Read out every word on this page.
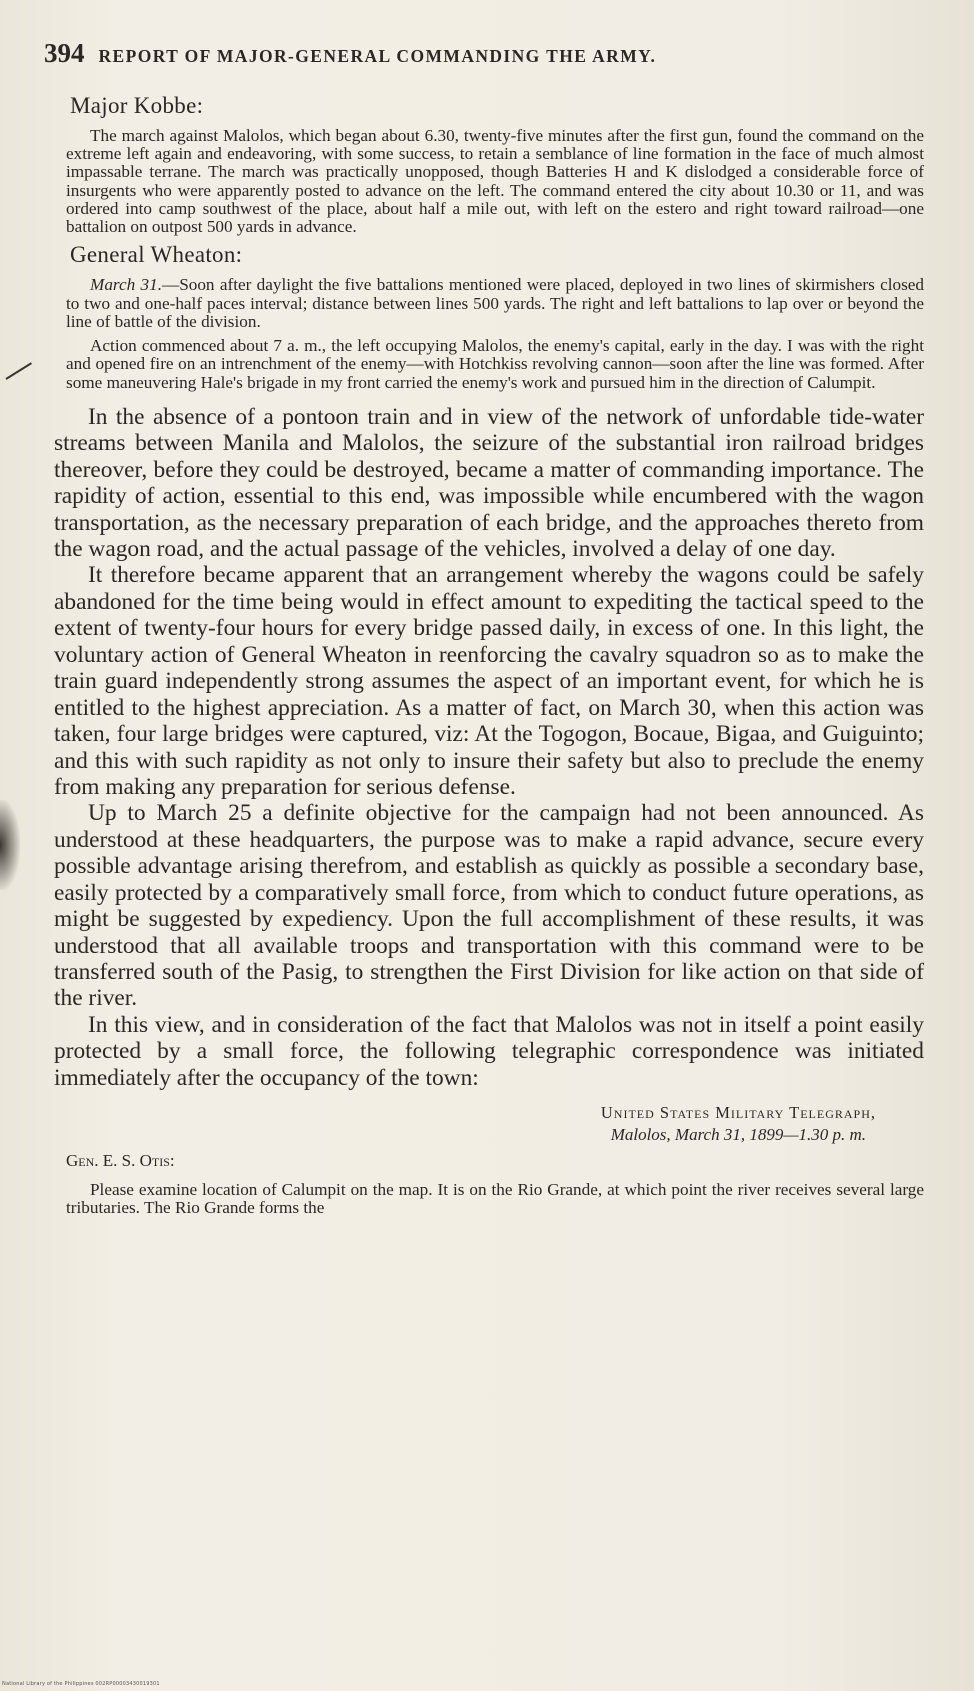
394 REPORT OF MAJOR-GENERAL COMMANDING THE ARMY.
Major Kobbe:

The march against Malolos, which began about 6.30, twenty-five minutes after the first gun, found the command on the extreme left again and endeavoring, with some success, to retain a semblance of line formation in the face of much almost impassable terrane. The march was practically unopposed, though Batteries H and K dislodged a considerable force of insurgents who were apparently posted to advance on the left. The command entered the city about 10.30 or 11, and was ordered into camp southwest of the place, about half a mile out, with left on the estero and right toward railroad—one battalion on outpost 500 yards in advance.

General Wheaton:

March 31.—Soon after daylight the five battalions mentioned were placed, deployed in two lines of skirmishers closed to two and one-half paces interval; distance between lines 500 yards. The right and left battalions to lap over or beyond the line of battle of the division.

Action commenced about 7 a. m., the left occupying Malolos, the enemy's capital, early in the day. I was with the right and opened fire on an intrenchment of the enemy—with Hotchkiss revolving cannon—soon after the line was formed. After some maneuvering Hale's brigade in my front carried the enemy's work and pursued him in the direction of Calumpit.

In the absence of a pontoon train and in view of the network of unfordable tide-water streams between Manila and Malolos, the seizure of the substantial iron railroad bridges thereover, before they could be destroyed, became a matter of commanding importance. The rapidity of action, essential to this end, was impossible while encumbered with the wagon transportation, as the necessary preparation of each bridge, and the approaches thereto from the wagon road, and the actual passage of the vehicles, involved a delay of one day.

It therefore became apparent that an arrangement whereby the wagons could be safely abandoned for the time being would in effect amount to expediting the tactical speed to the extent of twenty-four hours for every bridge passed daily, in excess of one. In this light, the voluntary action of General Wheaton in reenforcing the cavalry squadron so as to make the train guard independently strong assumes the aspect of an important event, for which he is entitled to the highest appreciation. As a matter of fact, on March 30, when this action was taken, four large bridges were captured, viz: At the Togogon, Bocaue, Bigaa, and Guiguinto; and this with such rapidity as not only to insure their safety but also to preclude the enemy from making any preparation for serious defense.

Up to March 25 a definite objective for the campaign had not been announced. As understood at these headquarters, the purpose was to make a rapid advance, secure every possible advantage arising therefrom, and establish as quickly as possible a secondary base, easily protected by a comparatively small force, from which to conduct future operations, as might be suggested by expediency. Upon the full accomplishment of these results, it was understood that all available troops and transportation with this command were to be transferred south of the Pasig, to strengthen the First Division for like action on that side of the river.

In this view, and in consideration of the fact that Malolos was not in itself a point easily protected by a small force, the following telegraphic correspondence was initiated immediately after the occupancy of the town:

United States Military Telegraph,
Malolos, March 31, 1899—1.30 p. m.
Gen. E. S. Otis:

Please examine location of Calumpit on the map. It is on the Rio Grande, at which point the river receives several large tributaries. The Rio Grande forms the

National Library of the Philippines 002RP00003430019301
